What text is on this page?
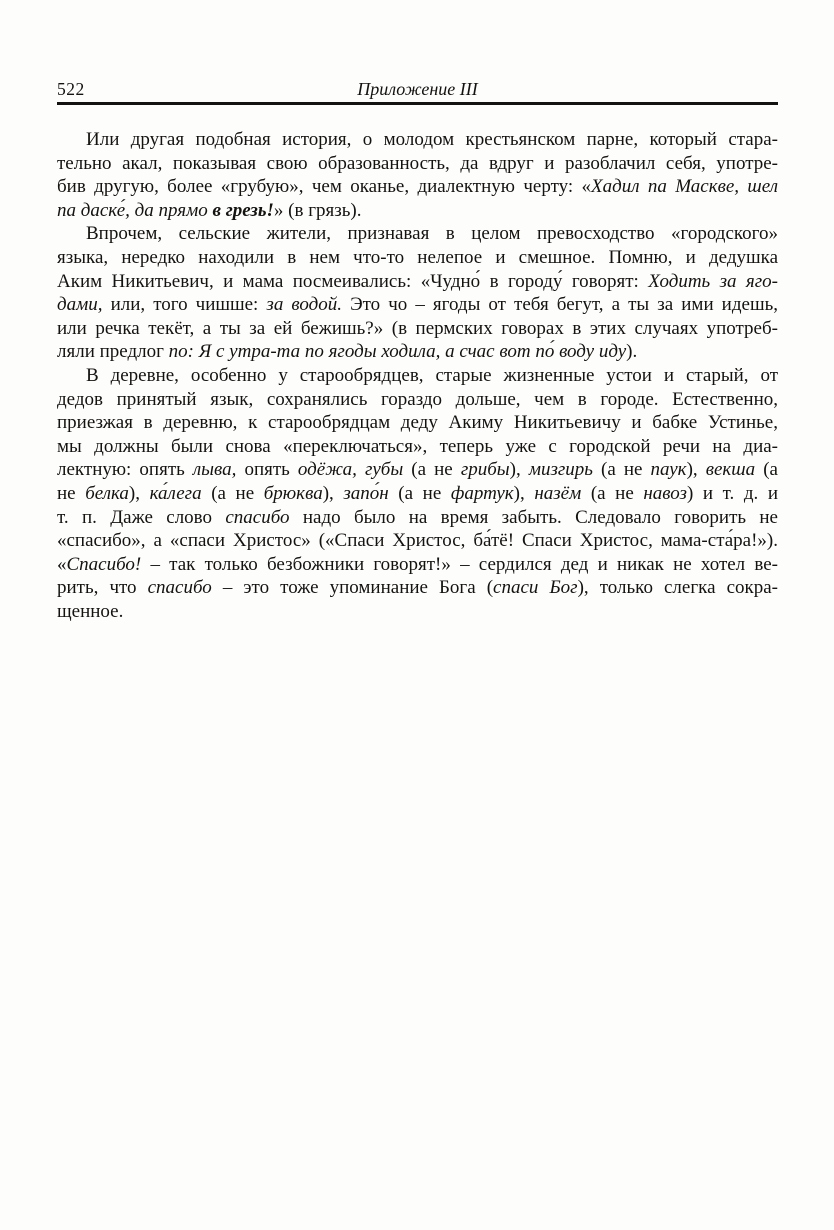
522	Приложение III
Или другая подобная история, о молодом крестьянском парне, который стара-
тельно акал, показывая свою образованность, да вдруг и разоблачил себя, употре-
бив другую, более «грубую», чем оканье, диалектную черту: «Хадил па Маскве, шел
па даске́, да прямо в грезь!» (в грязь).
Впрочем, сельские жители, признавая в целом превосходство «городского»
языка, нередко находили в нем что-то нелепое и смешное. Помню, и дедушка
Аким Никитьевич, и мама посмеивались: «Чудно́ в городу́ говорят: Ходить за яго-
дами, или, того чишше: за водой. Это чо – ягоды от тебя бегут, а ты за ими идешь,
или речка текёт, а ты за ей бежишь?» (в пермских говорах в этих случаях употреб-
ляли предлог по: Я с утра-та по ягоды ходила, а счас вот по́ воду иду).
В деревне, особенно у старообрядцев, старые жизненные устои и старый, от
дедов принятый язык, сохранялись гораздо дольше, чем в городе. Естественно,
приезжая в деревню, к старообрядцам деду Акиму Никитьевичу и бабке Устинье,
мы должны были снова «переключаться», теперь уже с городской речи на диа-
лектную: опять лыва, опять одёжа, губы (а не грибы), мизгирь (а не паук), векша (а
не белка), ка́лега (а не брюква), запо́н (а не фартук), назём (а не навоз) и т. д. и
т. п. Даже слово спасибо надо было на время забыть. Следовало говорить не
«спасибо», а «спаси Христос» («Спаси Христос, ба́тё! Спаси Христос, мама-ста́ра!»).
«Спасибо! – так только безбожники говорят!» – сердился дед и никак не хотел ве-
рить, что спасибо – это тоже упоминание Бога (спаси Бог), только слегка сокра-
щенное.
